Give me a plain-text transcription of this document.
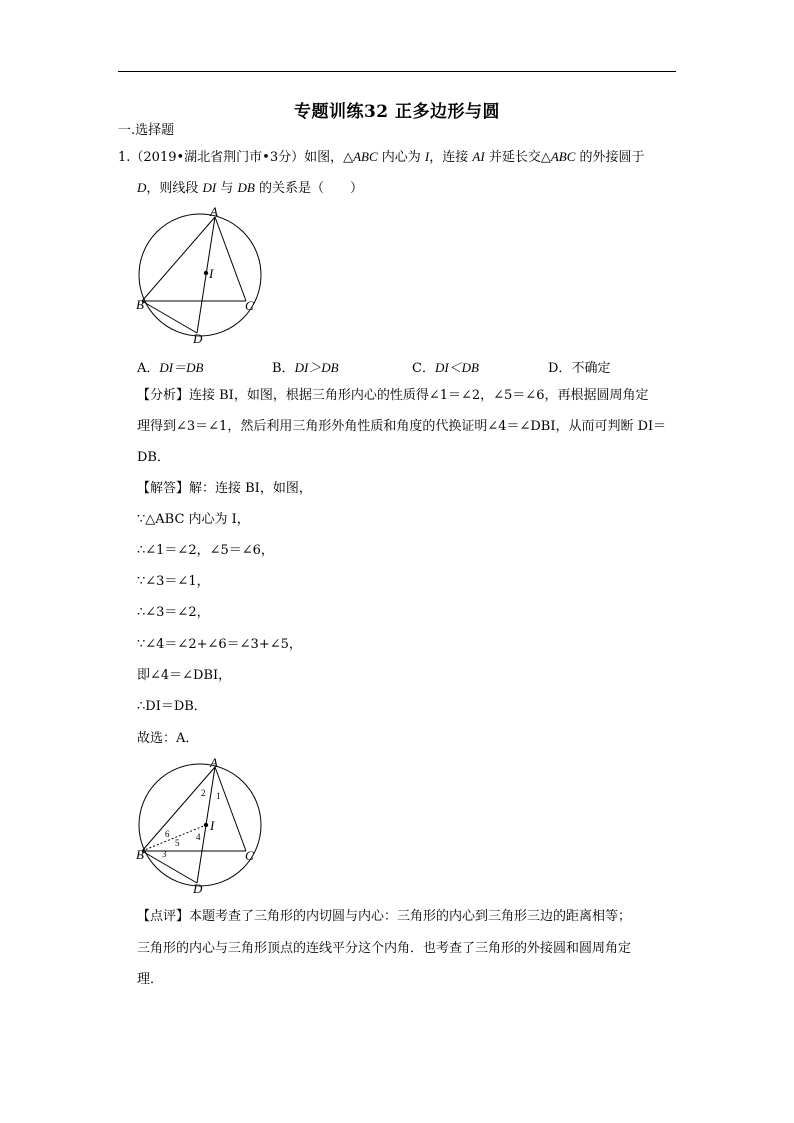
专题训练32 正多边形与圆
一.选择题
1.（2019•湖北省荆门市•3分）如图，△ABC 内心为 I，连接 AI 并延长交△ABC 的外接圆于
D，则线段 DI 与 DB 的关系是（　　）
A
B	C
D
I
A．DI＝DB	B．DI＞DB	C．DI＜DB	D．不确定
【分析】连接 BI，如图，根据三角形内心的性质得∠1＝∠2，∠5＝∠6，再根据圆周角定
理得到∠3＝∠1，然后利用三角形外角性质和角度的代换证明∠4＝∠DBI，从而可判断 DI＝
DB．
【解答】解：连接 BI，如图，
∵△ABC 内心为 I，
∴∠1＝∠2，∠5＝∠6，
∵∠3＝∠1，
∴∠3＝∠2，
∵∠4＝∠2+∠6＝∠3+∠5，
即∠4＝∠DBI，
∴DI＝DB．
故选：A．
A
B	C
D
I
1
2
3
4
5
6
【点评】本题考查了三角形的内切圆与内心：三角形的内心到三角形三边的距离相等；
三角形的内心与三角形顶点的连线平分这个内角．也考查了三角形的外接圆和圆周角定
理．
